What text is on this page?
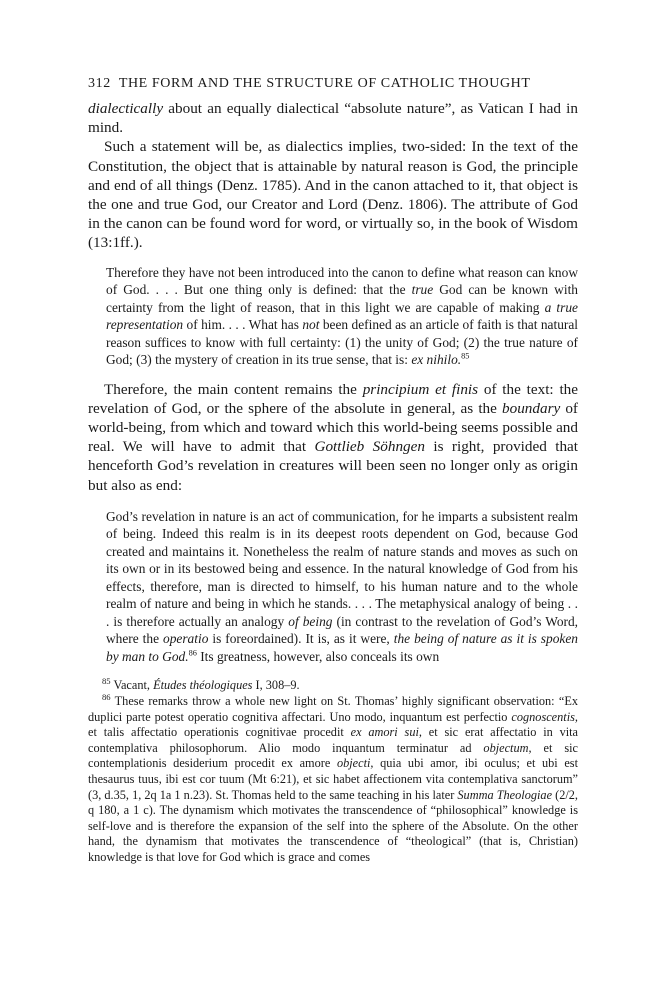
312 THE FORM AND THE STRUCTURE OF CATHOLIC THOUGHT

dialectically about an equally dialectical “absolute nature”, as Vatican I had in mind.

Such a statement will be, as dialectics implies, two-sided: In the text of the Constitution, the object that is attainable by natural reason is God, the principle and end of all things (Denz. 1785). And in the canon attached to it, that object is the one and true God, our Creator and Lord (Denz. 1806). The attribute of God in the canon can be found word for word, or virtually so, in the book of Wisdom (13:1ff.).

Therefore they have not been introduced into the canon to define what reason can know of God. . . . But one thing only is defined: that the true God can be known with certainty from the light of reason, that in this light we are capable of making a true representation of him. . . . What has not been defined as an article of faith is that natural reason suffices to know with full certainty: (1) the unity of God; (2) the true nature of God; (3) the mystery of creation in its true sense, that is: ex nihilo.$^{85}$

Therefore, the main content remains the principium et finis of the text: the revelation of God, or the sphere of the absolute in general, as the boundary of world-being, from which and toward which this world-being seems possible and real. We will have to admit that Gottlieb Söhngen is right, provided that henceforth God’s revelation in creatures will been seen no longer only as origin but also as end:

God’s revelation in nature is an act of communication, for he imparts a subsistent realm of being. Indeed this realm is in its deepest roots dependent on God, because God created and maintains it. Nonetheless the realm of nature stands and moves as such on its own or in its bestowed being and essence. In the natural knowledge of God from his effects, therefore, man is directed to himself, to his human nature and to the whole realm of nature and being in which he stands. . . . The metaphysical analogy of being . . . is therefore actually an analogy of being (in contrast to the revelation of God’s Word, where the operatio is foreordained). It is, as it were, the being of nature as it is spoken by man to God.$^{86}$ Its greatness, however, also conceals its own

$^{85}$ Vacant, Études théologiques I, 308–9.

$^{86}$ These remarks throw a whole new light on St. Thomas’ highly significant observation: “Ex duplici parte potest operatio cognitiva affectari. Uno modo, inquantum est perfectio cognoscentis, et talis affectatio operationis cognitivae procedit ex amori sui, et sic erat affectatio in vita contemplativa philosophorum. Alio modo inquantum terminatur ad objectum, et sic contemplationis desiderium procedit ex amore objecti, quia ubi amor, ibi oculus; et ubi est thesaurus tuus, ibi est cor tuum (Mt 6:21), et sic habet affectionem vita contemplativa sanctorum” (3, d.35, 1, 2q 1a 1 n.23). St. Thomas held to the same teaching in his later Summa Theologiae (2/2, q 180, a 1 c). The dynamism which motivates the transcendence of “philosophical” knowledge is self-love and is therefore the expansion of the self into the sphere of the Absolute. On the other hand, the dynamism that motivates the transcendence of “theological” (that is, Christian) knowledge is that love for God which is grace and comes
